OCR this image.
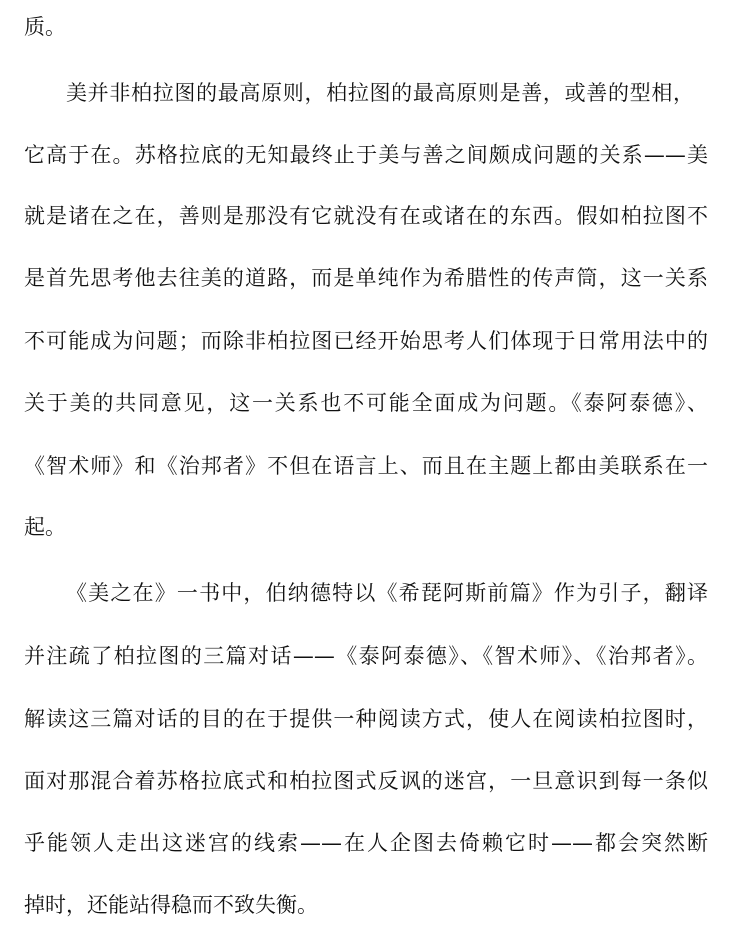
质。
美并非柏拉图的最高原则，柏拉图的最高原则是善，或善的型相，
它高于在。苏格拉底的无知最终止于美与善之间颇成问题的关系——美
就是诸在之在，善则是那没有它就没有在或诸在的东西。假如柏拉图不
是首先思考他去往美的道路，而是单纯作为希腊性的传声筒，这一关系
不可能成为问题；而除非柏拉图已经开始思考人们体现于日常用法中的
关于美的共同意见，这一关系也不可能全面成为问题。《泰阿泰德》、
《智术师》和《治邦者》不但在语言上、而且在主题上都由美联系在一
起。
《美之在》一书中，伯纳德特以《希琵阿斯前篇》作为引子，翻译
并注疏了柏拉图的三篇对话——《泰阿泰德》、《智术师》、《治邦者》。
解读这三篇对话的目的在于提供一种阅读方式，使人在阅读柏拉图时，
面对那混合着苏格拉底式和柏拉图式反讽的迷宫，一旦意识到每一条似
乎能领人走出这迷宫的线索——在人企图去倚赖它时——都会突然断
掉时，还能站得稳而不致失衡。
